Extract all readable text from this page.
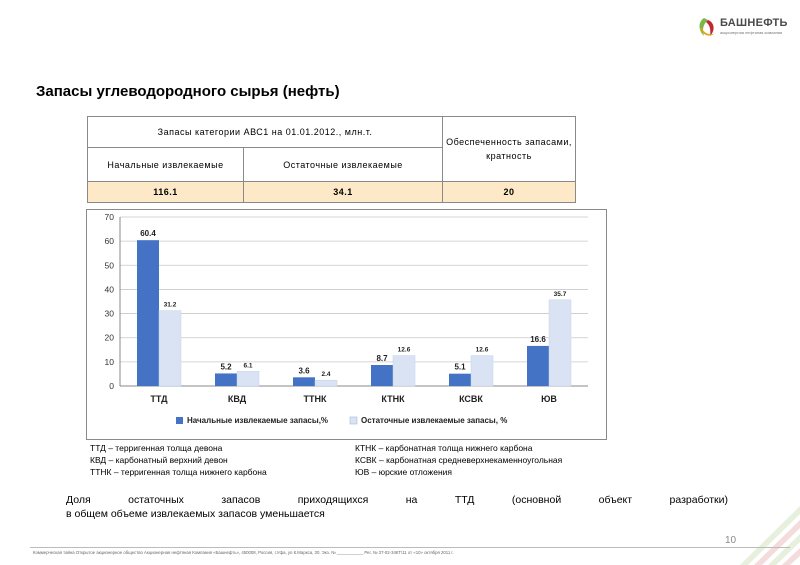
БАШНЕФТЬ
акционерная нефтяная компания
Запасы углеводородного сырья (нефть)
Запасы категории АВС1 на 01.01.2012., млн.т.		Обеспеченность запасами, кратность
Начальные извлекаемые	Остаточные извлекаемые	
116.1	34.1	20
0
10
20
30
40
50
60
70
60.4
31.2
ТТД
5.2 6.1
КВД
3.6 2.4
ТТНК
8.7
12.6
КТНК
5.1
12.6
КСВК
16.6
35.7
ЮВ
Начальные извлекаемые запасы,%	Остаточные извлекаемые запасы, %
ТТД – терригенная толща девона
КВД – карбонатный верхний девон
ТТНК – терригенная толща нижнего карбона
КТНК – карбонатная толща нижнего карбона
КСВК – карбонатная средневерхнекаменноугольная
ЮВ – юрские отложения
Доля	остаточных	запасов	приходящихся	на	ТТД	(основной	объект	разработки)
в общем объеме извлекаемых запасов уменьшается
10
Коммерческая тайна Открытое акционерное общество Акционерная нефтяная Компания «Башнефть», 450008, Россия, г.Уфа, ул.К.Маркса, 30. Экз. № ___________ Рег. № 37-02-34КТ/11 от «10» октября 2011 г.
